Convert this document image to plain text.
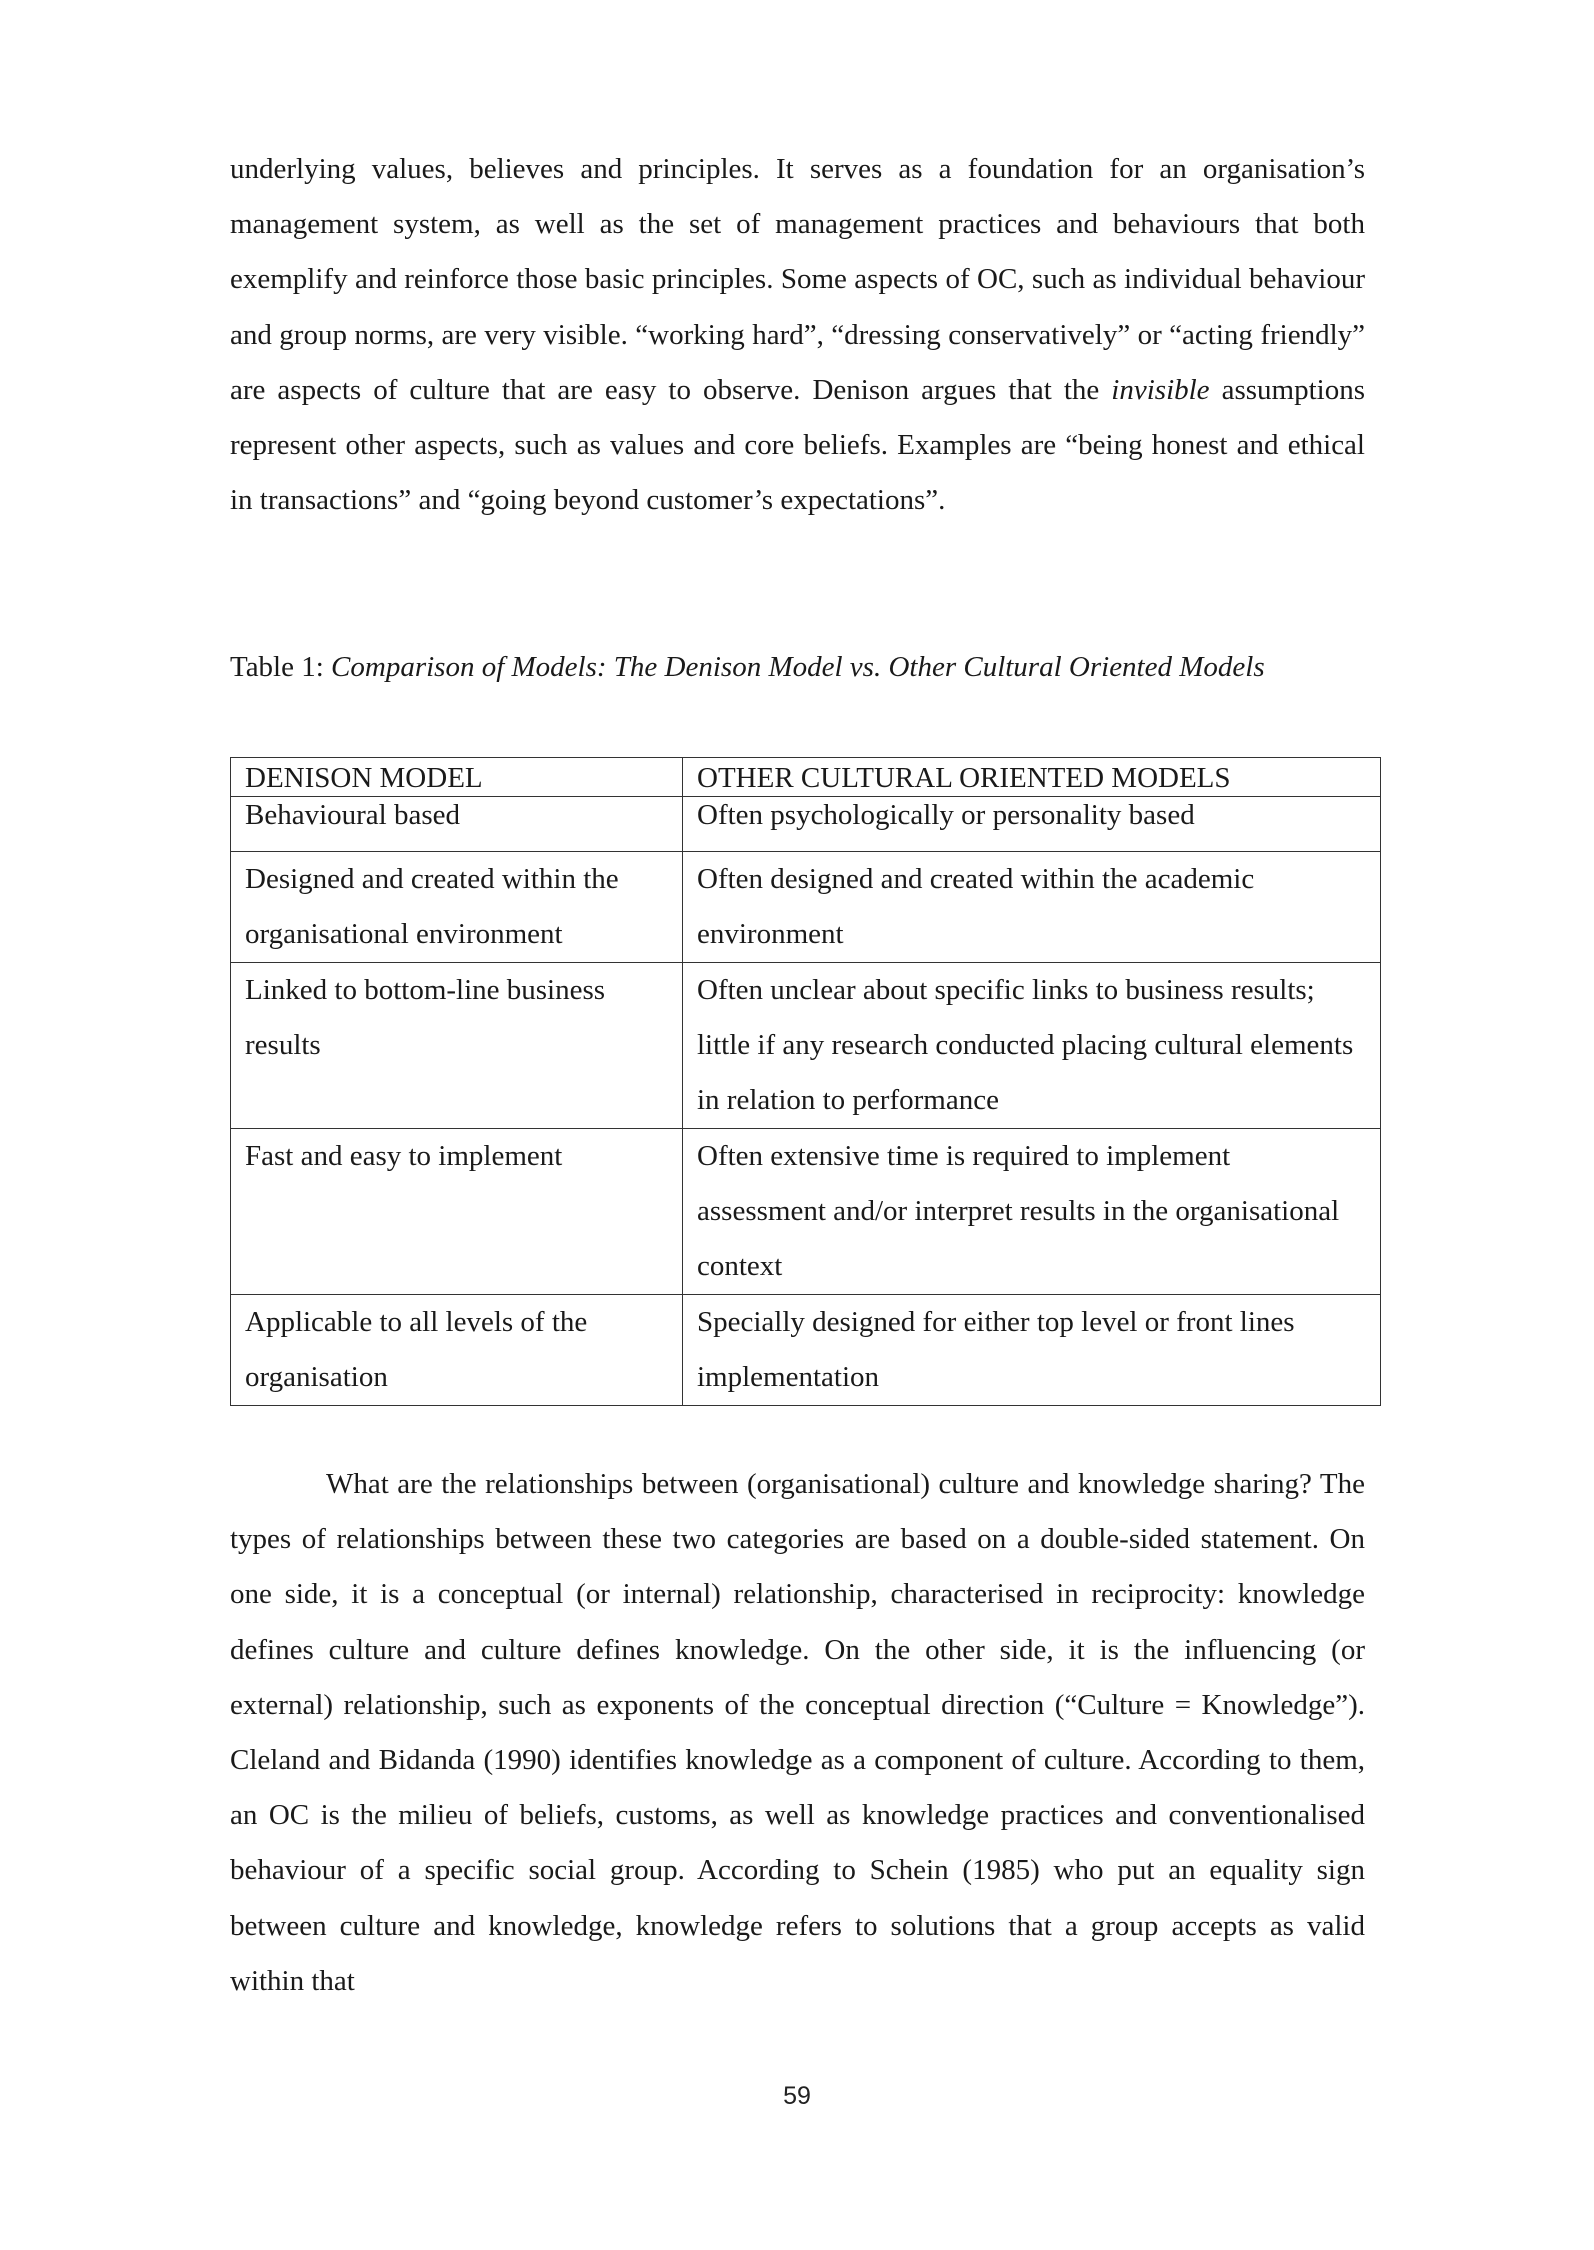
underlying values, believes and principles. It serves as a foundation for an organisation’s management system, as well as the set of management practices and behaviours that both exemplify and reinforce those basic principles. Some aspects of OC, such as individual behaviour and group norms, are very visible. “working hard”, “dressing conservatively” or “acting friendly” are aspects of culture that are easy to observe. Denison argues that the invisible assumptions represent other aspects, such as values and core beliefs. Examples are “being honest and ethical in transactions” and “going beyond customer’s expectations”.

Table 1: Comparison of Models: The Denison Model vs. Other Cultural Oriented Models
DENISON MODEL	OTHER CULTURAL ORIENTED MODELS
Behavioural based	Often psychologically or personality based
Designed and created within the organisational environment	Often designed and created within the academic environment
Linked to bottom-line business results	Often unclear about specific links to business results; little if any research conducted placing cultural elements in relation to performance
Fast and easy to implement	Often extensive time is required to implement assessment and/or interpret results in the organisational context
Applicable to all levels of the organisation	Specially designed for either top level or front lines implementation

What are the relationships between (organisational) culture and knowledge sharing? The types of relationships between these two categories are based on a double-sided statement. On one side, it is a conceptual (or internal) relationship, characterised in reciprocity: knowledge defines culture and culture defines knowledge. On the other side, it is the influencing (or external) relationship, such as exponents of the conceptual direction (“Culture = Knowledge”). Cleland and Bidanda (1990) identifies knowledge as a component of culture. According to them, an OC is the milieu of beliefs, customs, as well as knowledge practices and conventionalised behaviour of a specific social group. According to Schein (1985) who put an equality sign between culture and knowledge, knowledge refers to solutions that a group accepts as valid within that

59
